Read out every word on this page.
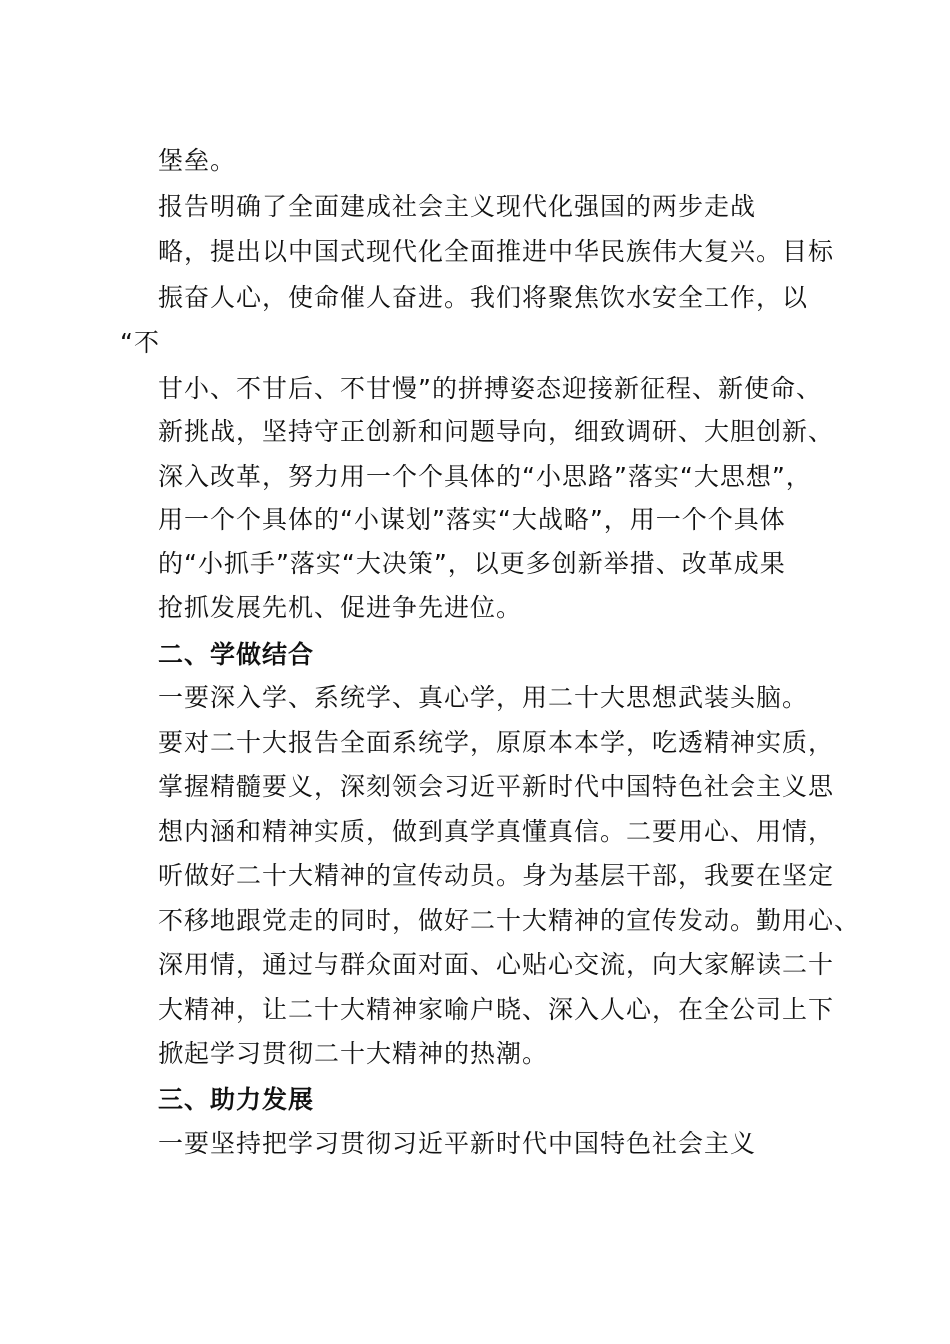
堡垒。
报告明确了全面建成社会主义现代化强国的两步走战
略，提出以中国式现代化全面推进中华民族伟大复兴。目标
振奋人心，使命催人奋进。我们将聚焦饮水安全工作，以
“不
甘小、不甘后、不甘慢”的拼搏姿态迎接新征程、新使命、
新挑战，坚持守正创新和问题导向，细致调研、大胆创新、
深入改革，努力用一个个具体的“小思路”落实“大思想”，
用一个个具体的“小谋划”落实“大战略”，用一个个具体
的“小抓手”落实“大决策”，以更多创新举措、改革成果
抢抓发展先机、促进争先进位。
二、学做结合
一要深入学、系统学、真心学，用二十大思想武装头脑。
要对二十大报告全面系统学，原原本本学，吃透精神实质，
掌握精髓要义，深刻领会习近平新时代中国特色社会主义思
想内涵和精神实质，做到真学真懂真信。二要用心、用情，
听做好二十大精神的宣传动员。身为基层干部，我要在坚定
不移地跟党走的同时，做好二十大精神的宣传发动。勤用心、
深用情，通过与群众面对面、心贴心交流，向大家解读二十
大精神，让二十大精神家喻户晓、深入人心，在全公司上下
掀起学习贯彻二十大精神的热潮。
三、助力发展
一要坚持把学习贯彻习近平新时代中国特色社会主义
